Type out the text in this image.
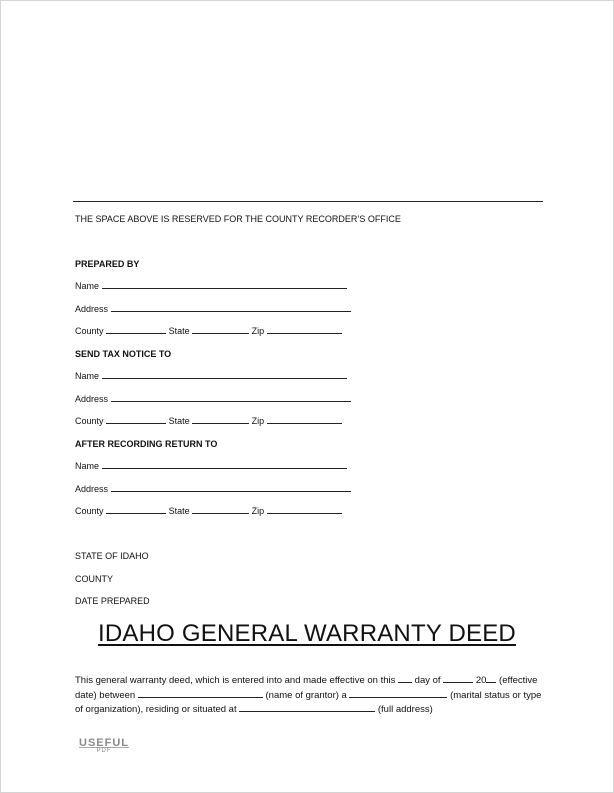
THE SPACE ABOVE IS RESERVED FOR THE COUNTY RECORDER’S OFFICE
PREPARED BY
Name
Address
County	State	Zip
SEND TAX NOTICE TO
Name
Address
County	State	Zip
AFTER RECORDING RETURN TO
Name
Address
County	State	Zip
STATE OF IDAHO
COUNTY
DATE PREPARED
IDAHO GENERAL WARRANTY DEED
This general warranty deed, which is entered into and made effective on this day of	20 (effective date) between	(name of grantor) a	(marital status or type of organization), residing or situated at	(full address)
USEFUL
PDF
